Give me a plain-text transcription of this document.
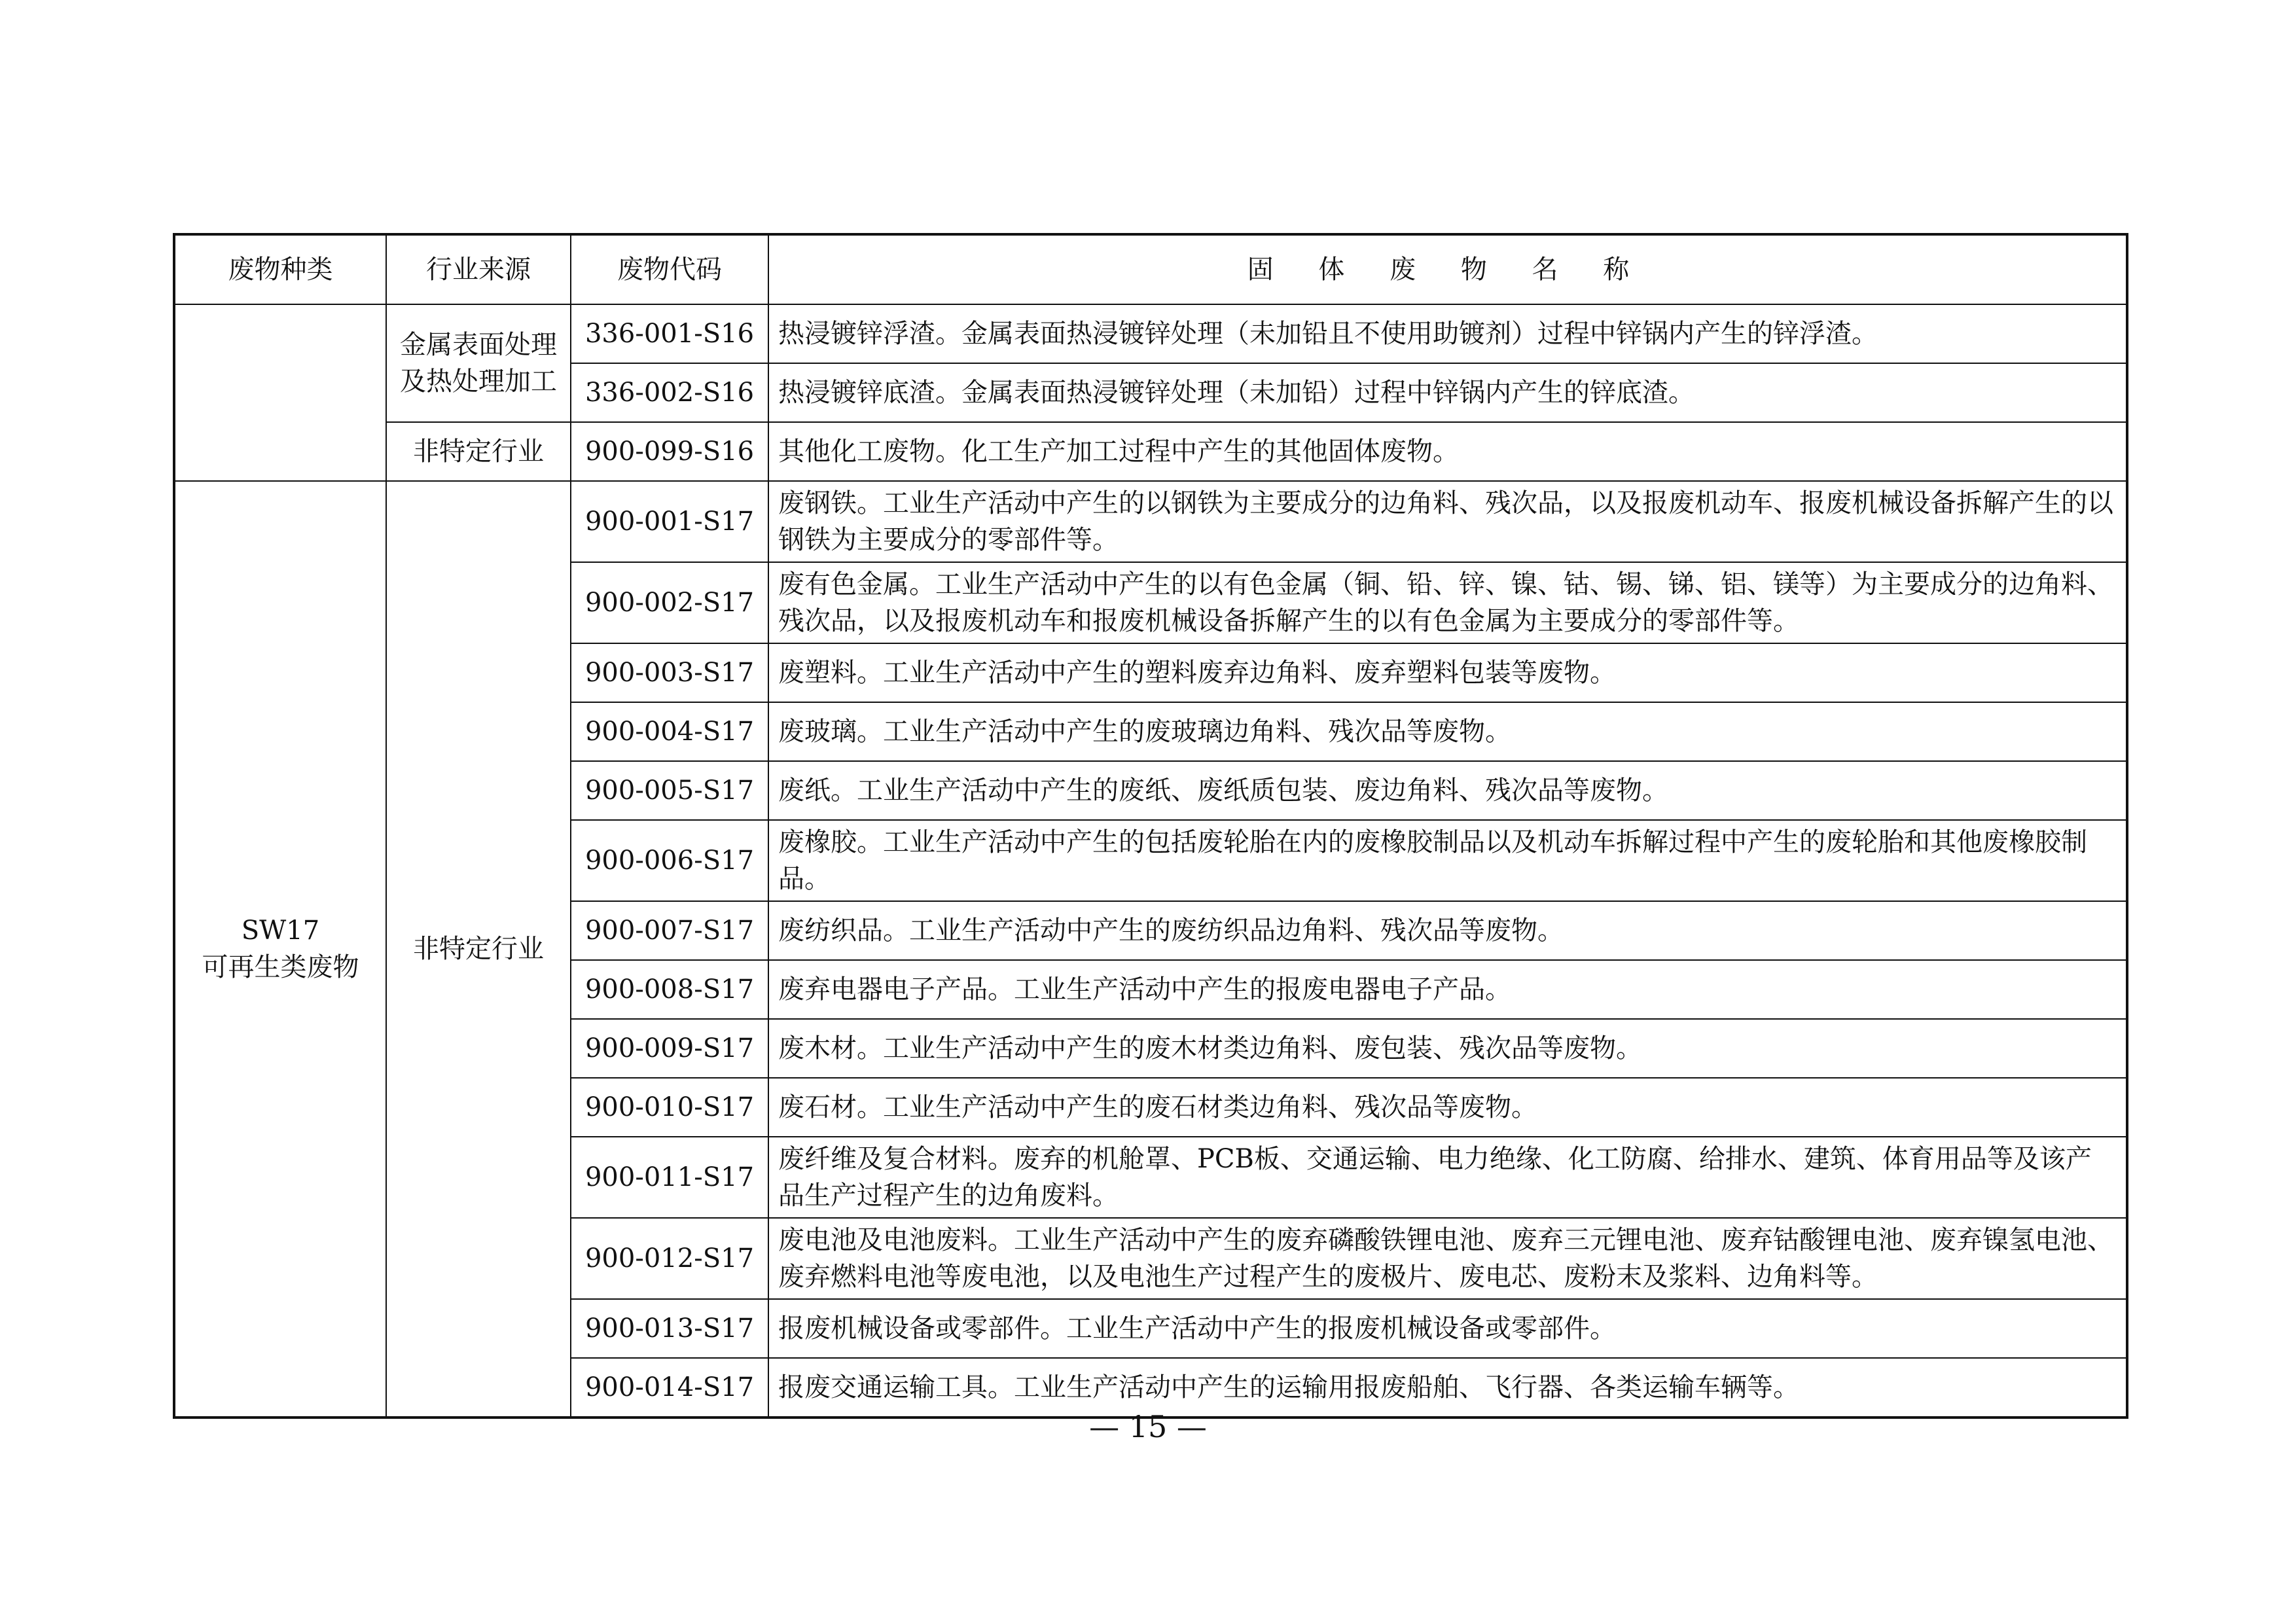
废物种类	行业来源	废物代码	固 体 废 物 名 称
	金属表面处理及热处理加工	336-001-S16	热浸镀锌浮渣。金属表面热浸镀锌处理（未加铅且不使用助镀剂）过程中锌锅内产生的锌浮渣。
		336-002-S16	热浸镀锌底渣。金属表面热浸镀锌处理（未加铅）过程中锌锅内产生的锌底渣。
	非特定行业	900-099-S16	其他化工废物。化工生产加工过程中产生的其他固体废物。

SW17
可再生类废物	非特定行业	900-001-S17	废钢铁。工业生产活动中产生的以钢铁为主要成分的边角料、残次品，以及报废机动车、报废机械设备拆解产生的以钢铁为主要成分的零部件等。
		900-002-S17	废有色金属。工业生产活动中产生的以有色金属（铜、铅、锌、镍、钴、锡、锑、铝、镁等）为主要成分的边角料、残次品，以及报废机动车和报废机械设备拆解产生的以有色金属为主要成分的零部件等。
		900-003-S17	废塑料。工业生产活动中产生的塑料废弃边角料、废弃塑料包装等废物。
		900-004-S17	废玻璃。工业生产活动中产生的废玻璃边角料、残次品等废物。
		900-005-S17	废纸。工业生产活动中产生的废纸、废纸质包装、废边角料、残次品等废物。
		900-006-S17	废橡胶。工业生产活动中产生的包括废轮胎在内的废橡胶制品以及机动车拆解过程中产生的废轮胎和其他废橡胶制品。
		900-007-S17	废纺织品。工业生产活动中产生的废纺织品边角料、残次品等废物。
		900-008-S17	废弃电器电子产品。工业生产活动中产生的报废电器电子产品。
		900-009-S17	废木材。工业生产活动中产生的废木材类边角料、废包装、残次品等废物。
		900-010-S17	废石材。工业生产活动中产生的废石材类边角料、残次品等废物。
		900-011-S17	废纤维及复合材料。废弃的机舱罩、PCB板、交通运输、电力绝缘、化工防腐、给排水、建筑、体育用品等及该产品生产过程产生的边角废料。
		900-012-S17	废电池及电池废料。工业生产活动中产生的废弃磷酸铁锂电池、废弃三元锂电池、废弃钴酸锂电池、废弃镍氢电池、废弃燃料电池等废电池，以及电池生产过程产生的废极片、废电芯、废粉末及浆料、边角料等。
		900-013-S17	报废机械设备或零部件。工业生产活动中产生的报废机械设备或零部件。
		900-014-S17	报废交通运输工具。工业生产活动中产生的运输用报废船舶、飞行器、各类运输车辆等。
— 15 —
